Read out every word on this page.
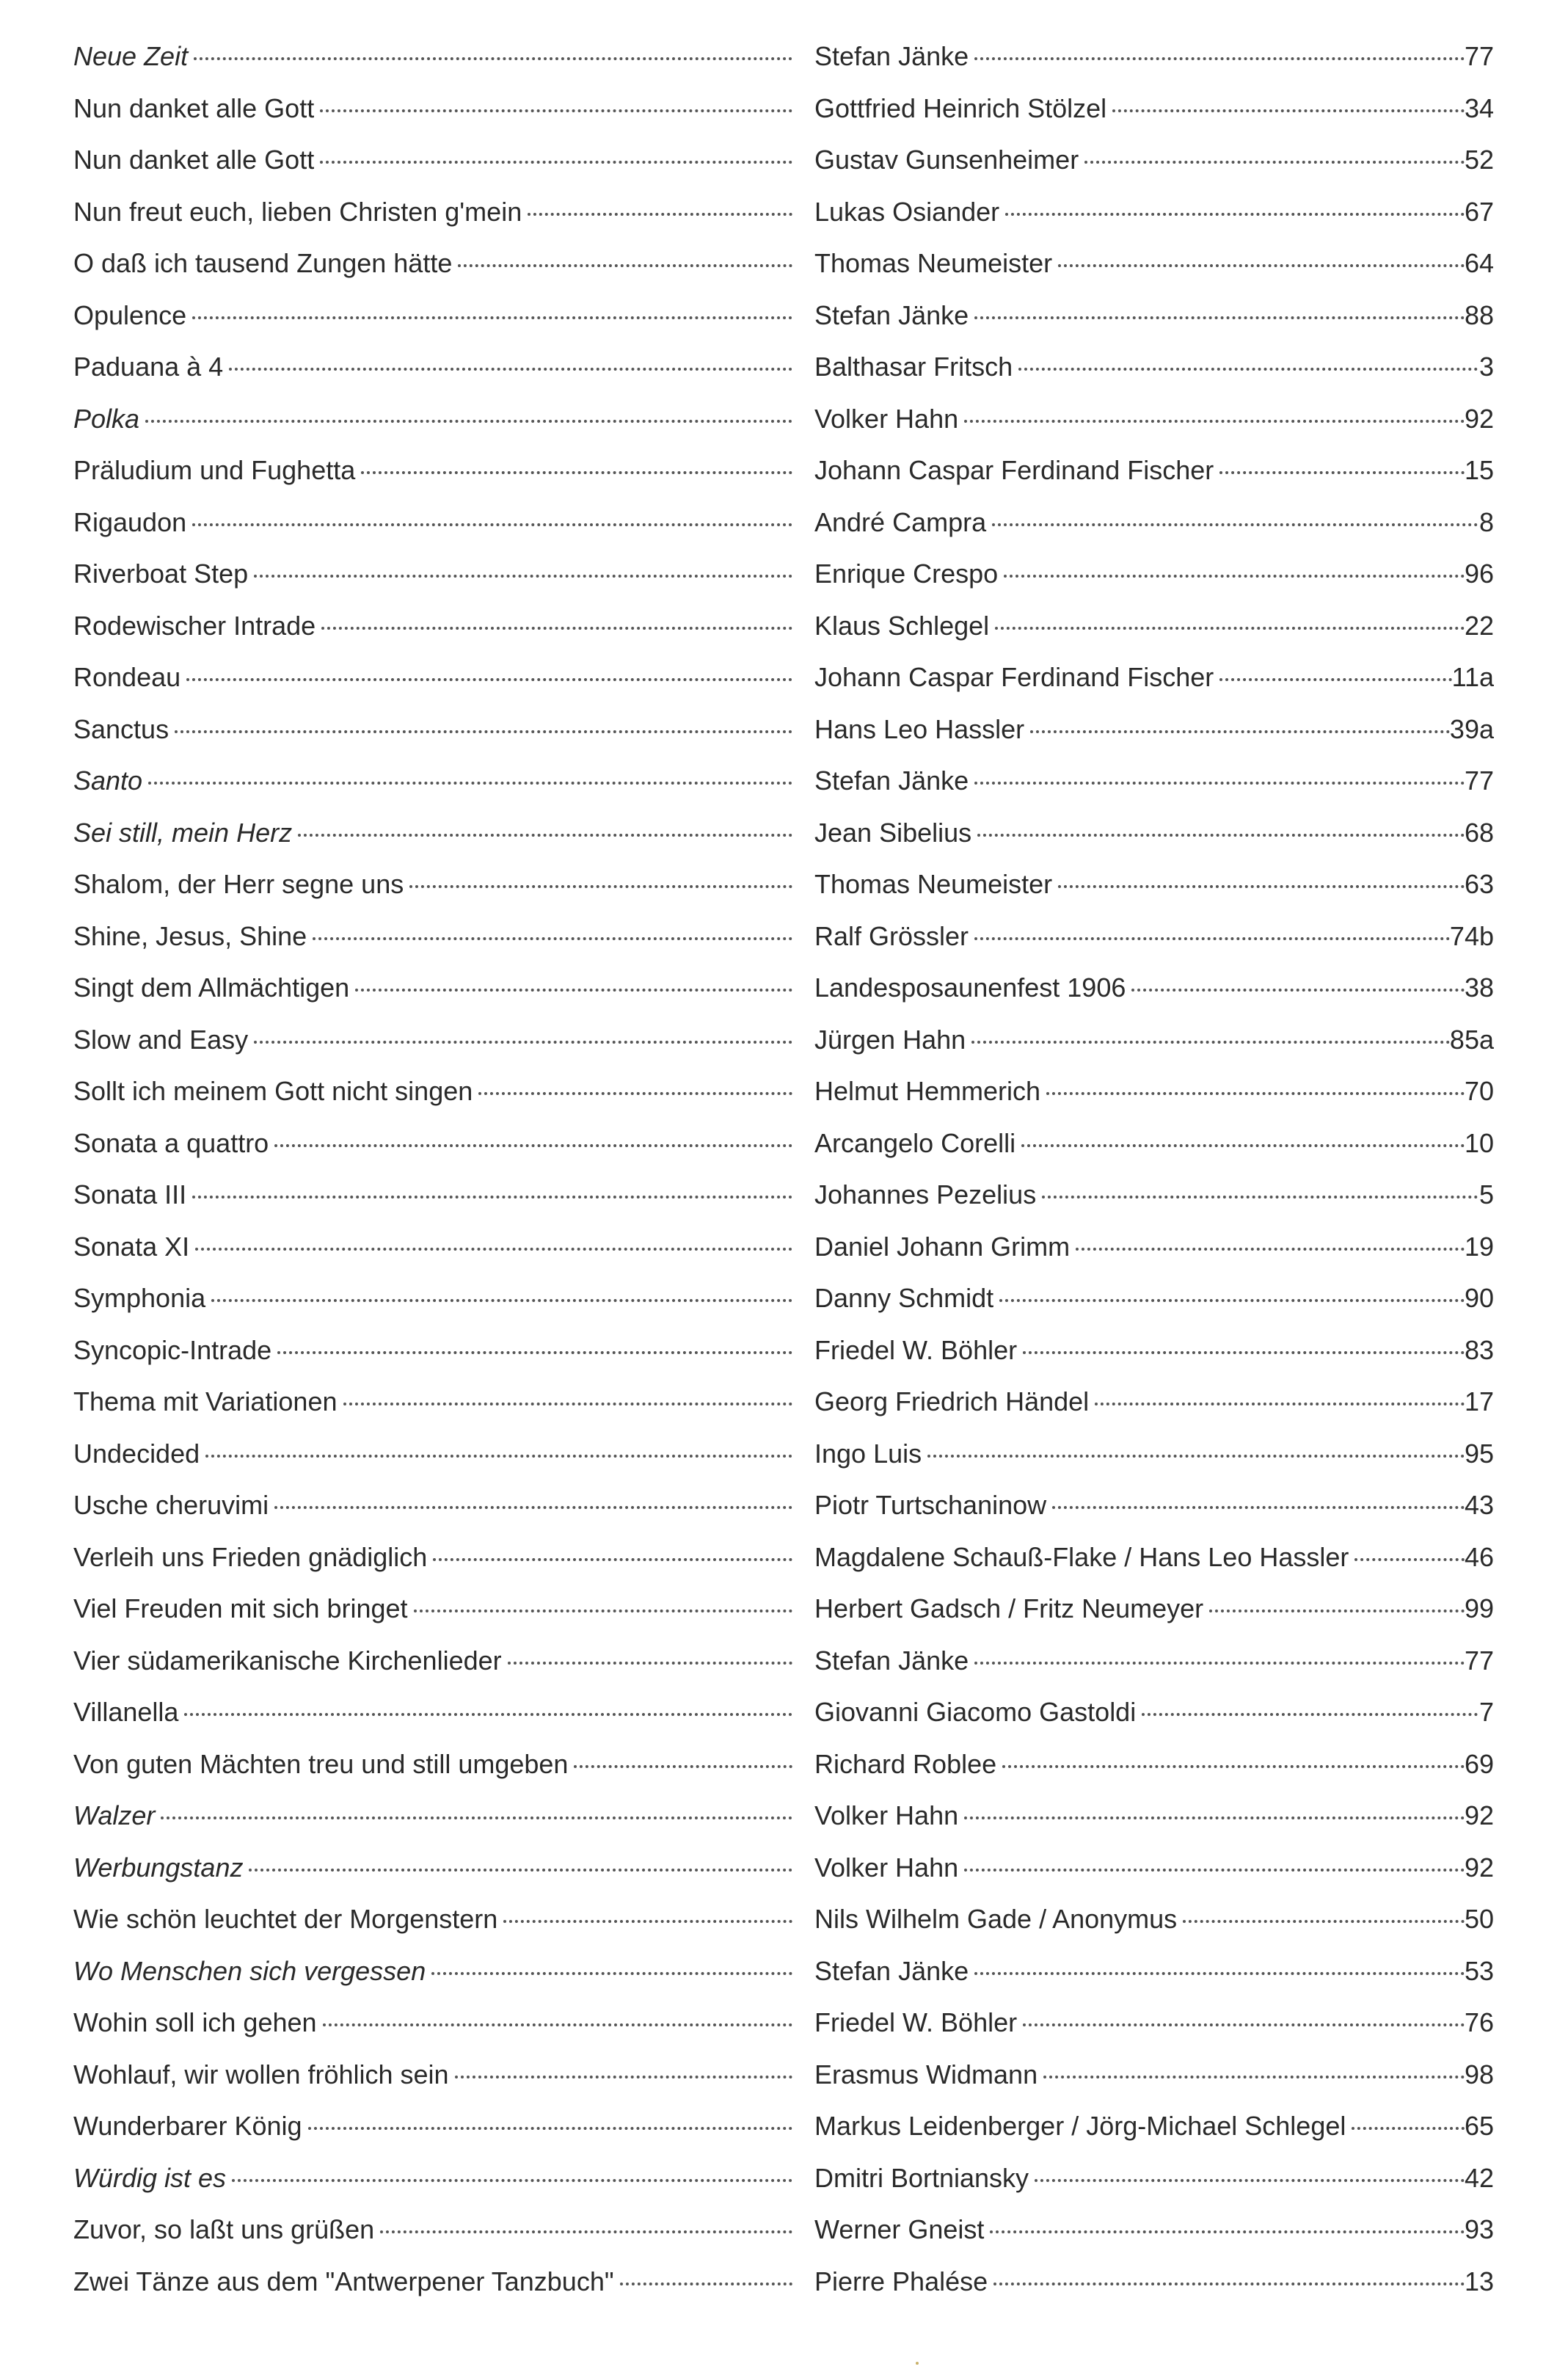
Neue Zeit	Stefan Jänke	77
Nun danket alle Gott	Gottfried Heinrich Stölzel	34
Nun danket alle Gott	Gustav Gunsenheimer	52
Nun freut euch, lieben Christen g'mein	Lukas Osiander	67
O daß ich tausend Zungen hätte	Thomas Neumeister	64
Opulence	Stefan Jänke	88
Paduana à 4	Balthasar Fritsch	3
Polka	Volker Hahn	92
Präludium und Fughetta	Johann Caspar Ferdinand Fischer	15
Rigaudon	André Campra	8
Riverboat Step	Enrique Crespo	96
Rodewischer Intrade	Klaus Schlegel	22
Rondeau	Johann Caspar Ferdinand Fischer	11a
Sanctus	Hans Leo Hassler	39a
Santo	Stefan Jänke	77
Sei still, mein Herz	Jean Sibelius	68
Shalom, der Herr segne uns	Thomas Neumeister	63
Shine, Jesus, Shine	Ralf Grössler	74b
Singt dem Allmächtigen	Landesposaunenfest 1906	38
Slow and Easy	Jürgen Hahn	85a
Sollt ich meinem Gott nicht singen	Helmut Hemmerich	70
Sonata a quattro	Arcangelo Corelli	10
Sonata III	Johannes Pezelius	5
Sonata XI	Daniel Johann Grimm	19
Symphonia	Danny Schmidt	90
Syncopic-Intrade	Friedel W. Böhler	83
Thema mit Variationen	Georg Friedrich Händel	17
Undecided	Ingo Luis	95
Usche cheruvimi	Piotr Turtschaninow	43
Verleih uns Frieden gnädiglich	Magdalene Schauß-Flake / Hans Leo Hassler	46
Viel Freuden mit sich bringet	Herbert Gadsch / Fritz Neumeyer	99
Vier südamerikanische Kirchenlieder	Stefan Jänke	77
Villanella	Giovanni Giacomo Gastoldi	7
Von guten Mächten treu und still umgeben	Richard Roblee	69
Walzer	Volker Hahn	92
Werbungstanz	Volker Hahn	92
Wie schön leuchtet der Morgenstern	Nils Wilhelm Gade / Anonymus	50
Wo Menschen sich vergessen	Stefan Jänke	53
Wohin soll ich gehen	Friedel W. Böhler	76
Wohlauf, wir wollen fröhlich sein	Erasmus Widmann	98
Wunderbarer König	Markus Leidenberger / Jörg-Michael Schlegel	65
Würdig ist es	Dmitri Bortniansky	42
Zuvor, so laßt uns grüßen	Werner Gneist	93
Zwei Tänze aus dem "Antwerpener Tanzbuch"	Pierre Phalése	13
